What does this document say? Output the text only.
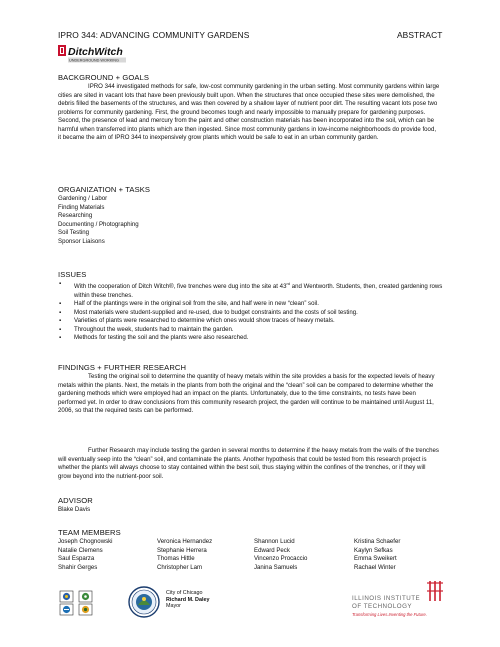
IPRO 344: ADVANCING COMMUNITY GARDENS	ABSTRACT
DitchWitch
UNDERGROUND WORKING
BACKGROUND + GOALS
IPRO 344 investigated methods for safe, low-cost community gardening in the urban setting. Most community gardens within large cities are sited in vacant lots that have been previously built upon. When the structures that once occupied these sites were demolished, the debris filled the basements of the structures, and was then covered by a shallow layer of nutrient poor dirt. The resulting vacant lots pose two problems for community gardening. First, the ground becomes tough and nearly impossible to manually prepare for gardening purposes. Second, the presence of lead and mercury from the paint and other construction materials has been incorporated into the soil, which can be harmful when transferred into plants which are then ingested. Since most community gardens in low-income neighborhoods do provide food, it became the aim of IPRO 344 to inexpensively grow plants which would be safe to eat in an urban community garden.
ORGANIZATION + TASKS
Gardening / Labor
Finding Materials
Researching
Documenting / Photographing
Soil Testing
Sponsor Liaisons
ISSUES
▪ With the cooperation of Ditch Witch®, five trenches were dug into the site at 43rd and Wentworth. Students, then, created gardening rows within these trenches.
▪ Half of the plantings were in the original soil from the site, and half were in new “clean” soil.
▪ Most materials were student-supplied and re-used, due to budget constraints and the costs of soil testing.
▪ Varieties of plants were researched to determine which ones would show traces of heavy metals.
▪ Throughout the week, students had to maintain the garden.
▪ Methods for testing the soil and the plants were also researched.
FINDINGS + FURTHER RESEARCH
Testing the original soil to determine the quantity of heavy metals within the site provides a basis for the expected levels of heavy metals within the plants. Next, the metals in the plants from both the original and the “clean” soil can be compared to determine whether the gardening methods which were employed had an impact on the plants. Unfortunately, due to the time constraints, no tests have been performed yet. In order to draw conclusions from this community research project, the garden will continue to be maintained until August 11, 2006, so that the required tests can be performed.
Further Research may include testing the garden in several months to determine if the heavy metals from the walls of the trenches will eventually seep into the “clean” soil, and contaminate the plants. Another hypothesis that could be tested from this research project is whether the plants will always choose to stay contained within the best soil, thus staying within the confines of the trenches, or if they will grow beyond into the nutrient-poor soil.
ADVISOR
Blake Davis
TEAM MEMBERS
Joseph Chognowski
Natalie Clemens
Saul Esparza
Shahir Gerges
Veronica Hernandez
Stephanie Herrera
Thomas Hittle
Christopher Lam
Shannon Lucid
Edward Peck
Vincenzo Procaccio
Janina Samuels
Kristina Schaefer
Kaylyn Sefkas
Emma Sweikert
Rachael Winter
City of Chicago
Richard M. Daley
Mayor
ILLINOIS INSTITUTE
OF TECHNOLOGY
Transforming Lives.Inventing the Future.
